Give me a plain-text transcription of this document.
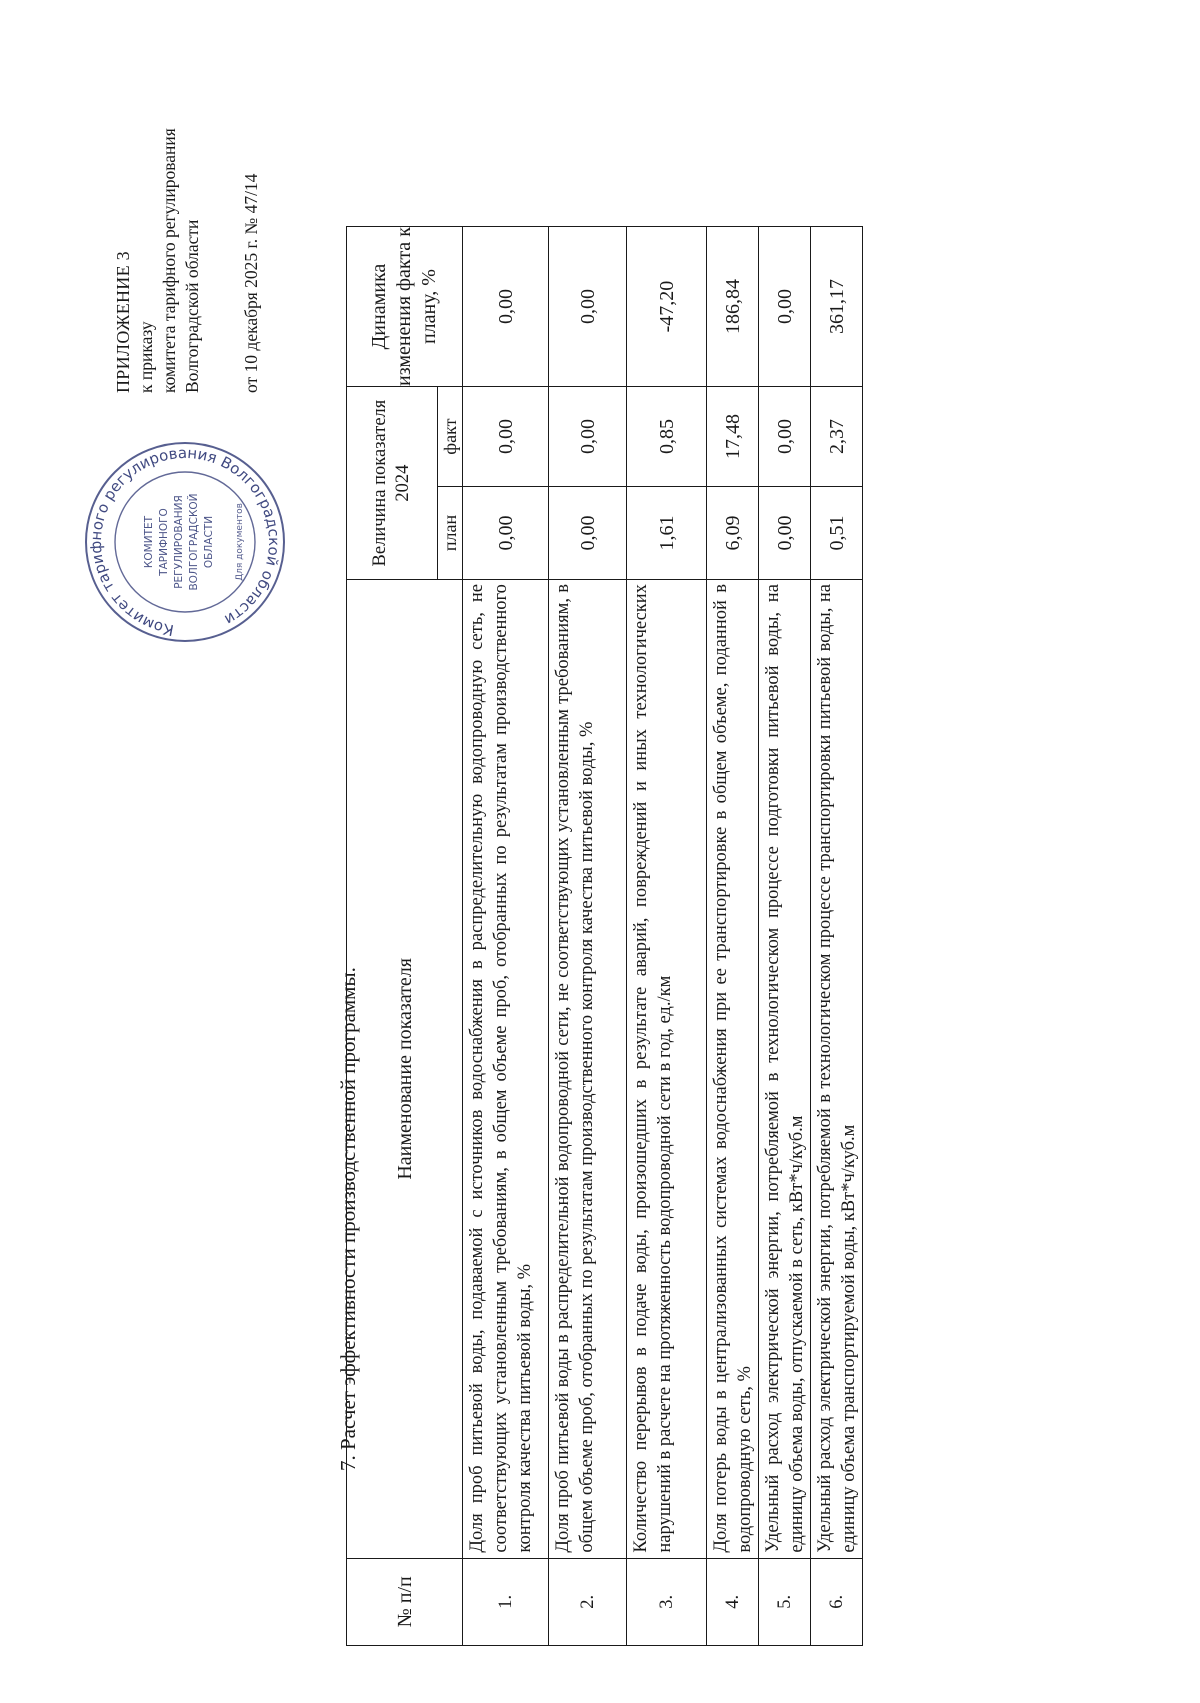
Комитет тарифного регулирования Волгоградской области
КОМИТЕТ ТАРИФНОГО РЕГУЛИРОВАНИЯ ВОЛГОГРАДСКОЙ ОБЛАСТИ Для документов
ПРИЛОЖЕНИЕ 3 к приказу комитета тарифного регулирования Волгоградской области от 10 декабря 2025 г. № 47/14
7. Расчет эффективности производственной программы.
№ п/п	Наименование показателя	Величина показателя 2024		Динамика изменения факта к плану, %
		план	факт	
1.	Доля проб питьевой воды, подаваемой с источников водоснабжения в распределительную водопроводную сеть, не соответствующих установленным требованиям, в общем объеме проб, отобранных по результатам производственного контроля качества питьевой воды, %	0,00	0,00	0,00
2.	Доля проб питьевой воды в распределительной водопроводной сети, не соответствующих установленным требованиям, в общем объеме проб, отобранных по результатам производственного контроля качества питьевой воды, %	0,00	0,00	0,00
3.	Количество перерывов в подаче воды, произошедших в результате аварий, повреждений и иных технологических нарушений в расчете на протяженность водопроводной сети в год, ед./км	1,61	0,85	-47,20
4.	Доля потерь воды в централизованных системах водоснабжения при ее транспортировке в общем объеме, поданной в водопроводную сеть, %	6,09	17,48	186,84
5.	Удельный расход электрической энергии, потребляемой в технологическом процессе подготовки питьевой воды, на единицу объема воды, отпускаемой в сеть, кВт*ч/куб.м	0,00	0,00	0,00
6.	Удельный расход электрической энергии, потребляемой в технологическом процессе транспортировки питьевой воды, на единицу объема транспортируемой воды, кВт*ч/куб.м	0,51	2,37	361,17
